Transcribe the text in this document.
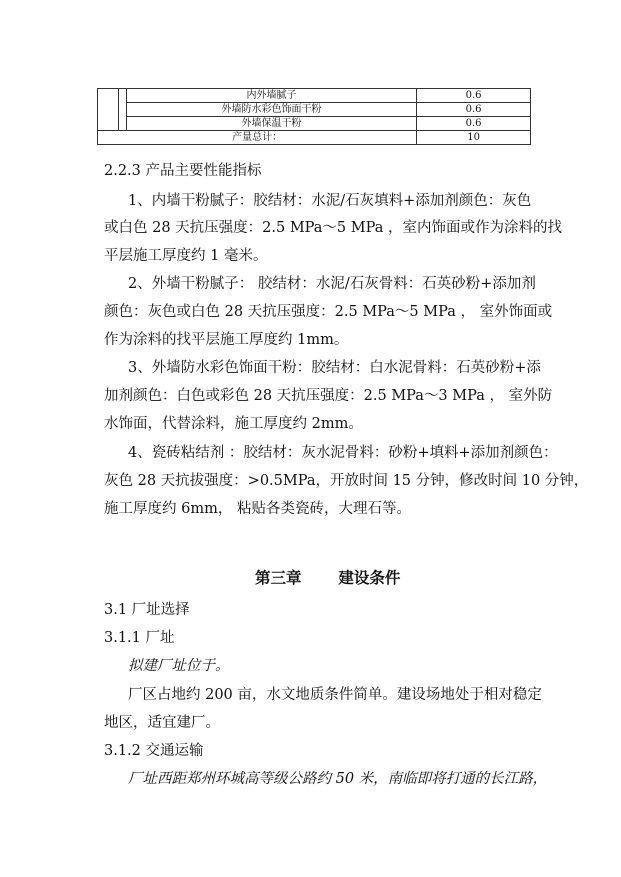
		内外墙腻子	0.6
		外墙防水彩色饰面干粉	0.6
		外墙保温干粉	0.6
产量总计：			10
2.2.3 产品主要性能指标
1、内墙干粉腻子：胶结材：水泥/石灰填料+添加剂颜色：灰色
或白色 28 天抗压强度：2.5 MPa～5 MPa ，室内饰面或作为涂料的找
平层施工厚度约 1 毫米。
2、外墙干粉腻子： 胶结材：水泥/石灰骨料：石英砂粉+添加剂
颜色：灰色或白色 28 天抗压强度：2.5 MPa～5 MPa ， 室外饰面或
作为涂料的找平层施工厚度约 1mm。
3、外墙防水彩色饰面干粉：胶结材：白水泥骨料：石英砂粉+添
加剂颜色：白色或彩色 28 天抗压强度：2.5 MPa～3 MPa ， 室外防
水饰面，代替涂料，施工厚度约 2mm。
4、瓷砖粘结剂 ：胶结材：灰水泥骨料：砂粉+填料+添加剂颜色：
灰色 28 天抗拔强度：>0.5MPa，开放时间 15 分钟，修改时间 10 分钟，
施工厚度约 6mm， 粘贴各类瓷砖，大理石等。
第三章 建设条件
3.1 厂址选择
3.1.1 厂址
拟建厂址位于。
厂区占地约 200 亩，水文地质条件简单。建设场地处于相对稳定
地区，适宜建厂。
3.1.2 交通运输
厂址西距郑州环城高等级公路约 50 米，南临即将打通的长江路，
